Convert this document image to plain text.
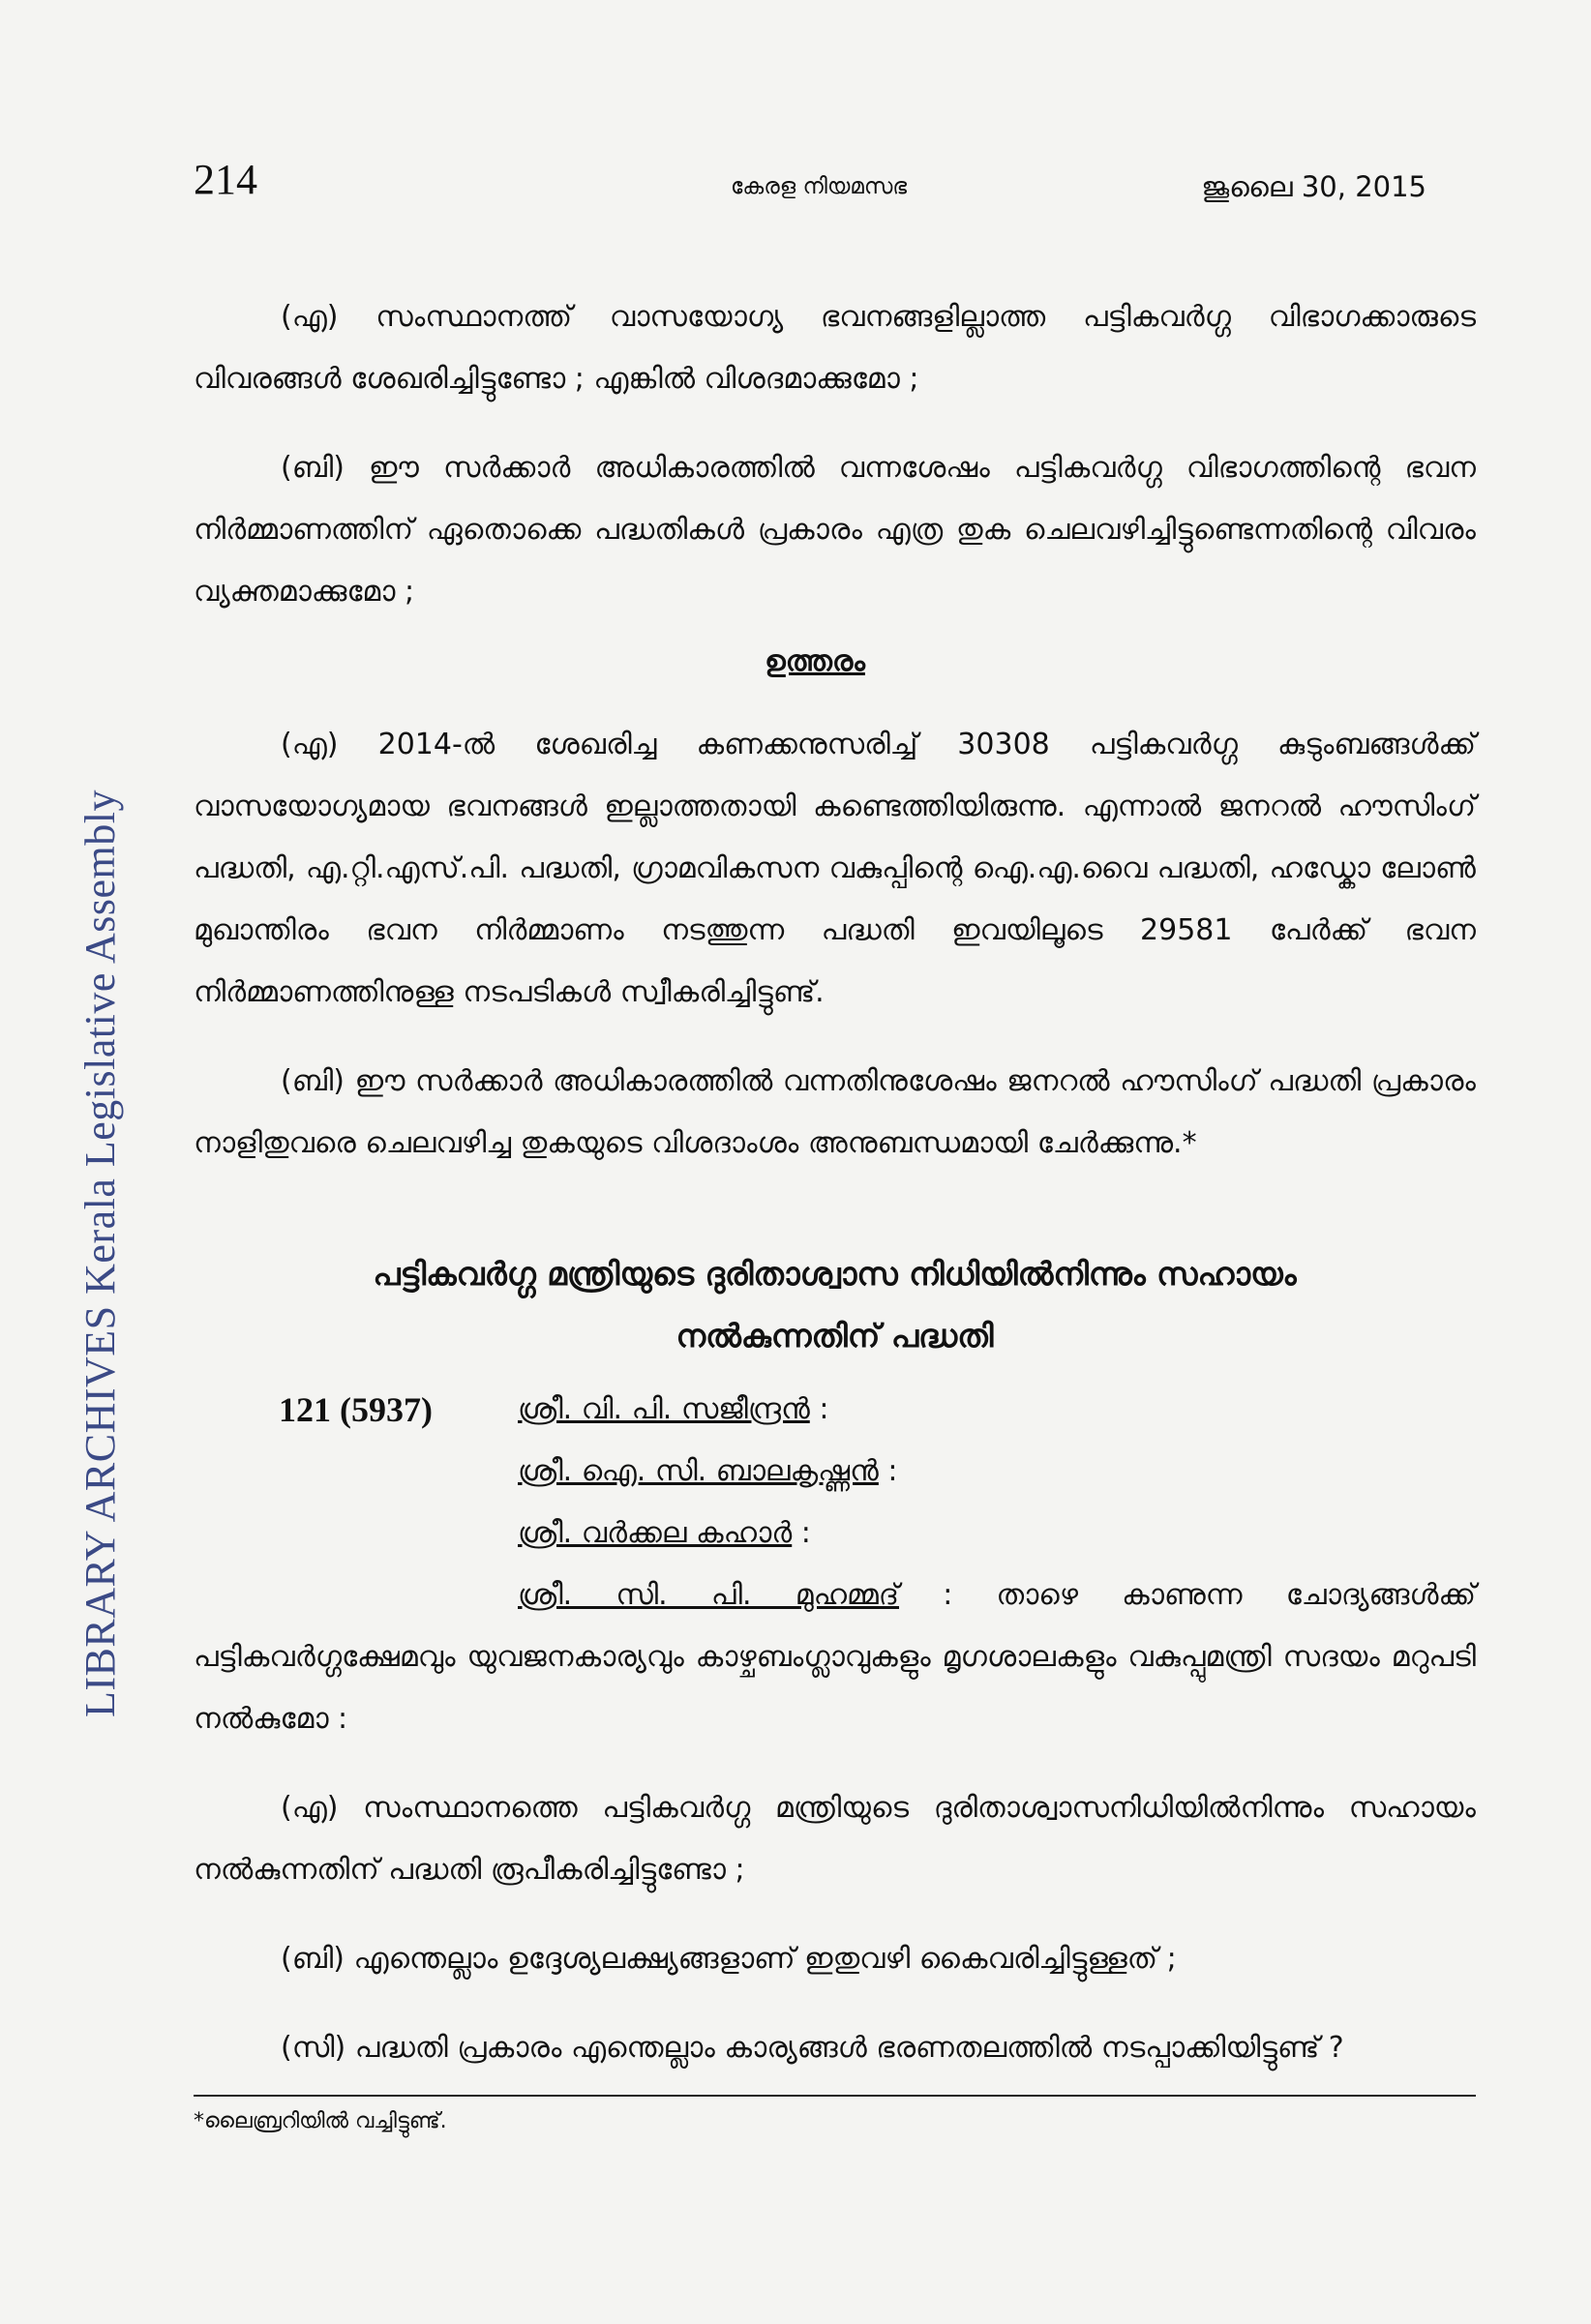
LIBRARY ARCHIVES Kerala Legislative Assembly
214	കേരള നിയമസഭ	ജൂലൈ 30, 2015

(എ) സംസ്ഥാനത്ത് വാസയോഗ്യ ഭവനങ്ങളില്ലാത്ത പട്ടികവർഗ്ഗ വിഭാഗക്കാരുടെ വിവരങ്ങൾ ശേഖരിച്ചിട്ടുണ്ടോ ; എങ്കിൽ വിശദമാക്കുമോ ;

(ബി) ഈ സർക്കാർ അധികാരത്തിൽ വന്നശേഷം പട്ടികവർഗ്ഗ വിഭാഗത്തിന്റെ ഭവന നിർമ്മാണത്തിന് ഏതൊക്കെ പദ്ധതികൾ പ്രകാരം എത്ര തുക ചെലവഴിച്ചിട്ടുണ്ടെന്നതിന്റെ വിവരം വ്യക്തമാക്കുമോ ;

ഉത്തരം

(എ) 2014-ൽ ശേഖരിച്ച കണക്കനുസരിച്ച് 30308 പട്ടികവർഗ്ഗ കുടുംബങ്ങൾക്ക് വാസയോഗ്യമായ ഭവനങ്ങൾ ഇല്ലാത്തതായി കണ്ടെത്തിയിരുന്നു. എന്നാൽ ജനറൽ ഹൗസിംഗ് പദ്ധതി, എ.റ്റി.എസ്.പി. പദ്ധതി, ഗ്രാമവികസന വകുപ്പിന്റെ ഐ.എ.വൈ പദ്ധതി, ഹഡ്കോ ലോൺ മുഖാന്തിരം ഭവന നിർമ്മാണം നടത്തുന്ന പദ്ധതി ഇവയിലൂടെ 29581 പേർക്ക് ഭവന നിർമ്മാണത്തിനുള്ള നടപടികൾ സ്വീകരിച്ചിട്ടുണ്ട്.

(ബി) ഈ സർക്കാർ അധികാരത്തിൽ വന്നതിനുശേഷം ജനറൽ ഹൗസിംഗ് പദ്ധതി പ്രകാരം നാളിതുവരെ ചെലവഴിച്ച തുകയുടെ വിശദാംശം അനുബന്ധമായി ചേർക്കുന്നു.*

പട്ടികവർഗ്ഗ മന്ത്രിയുടെ ദുരിതാശ്വാസ നിധിയിൽനിന്നും സഹായം
നൽകുന്നതിന് പദ്ധതി
121 (5937)	ശ്രീ. വി. പി. സജീന്ദ്രൻ :
ശ്രീ. ഐ. സി. ബാലകൃഷ്ണൻ :
ശ്രീ. വർക്കല കഹാർ :

ശ്രീ. സി. പി. മുഹമ്മദ് : താഴെ കാണുന്ന ചോദ്യങ്ങൾക്ക് പട്ടികവർഗ്ഗക്ഷേമവും യുവജനകാര്യവും കാഴ്ചബംഗ്ലാവുകളും മൃഗശാലകളും വകുപ്പുമന്ത്രി സദയം മറുപടി നൽകുമോ :

(എ) സംസ്ഥാനത്തെ പട്ടികവർഗ്ഗ മന്ത്രിയുടെ ദുരിതാശ്വാസനിധിയിൽനിന്നും സഹായം നൽകുന്നതിന് പദ്ധതി രൂപീകരിച്ചിട്ടുണ്ടോ ;

(ബി) എന്തെല്ലാം ഉദ്ദേശ്യലക്ഷ്യങ്ങളാണ് ഇതുവഴി കൈവരിച്ചിട്ടുള്ളത് ;

(സി) പദ്ധതി പ്രകാരം എന്തെല്ലാം കാര്യങ്ങൾ ഭരണതലത്തിൽ നടപ്പാക്കിയിട്ടുണ്ട് ?

*ലൈബ്രറിയിൽ വച്ചിട്ടുണ്ട്.
